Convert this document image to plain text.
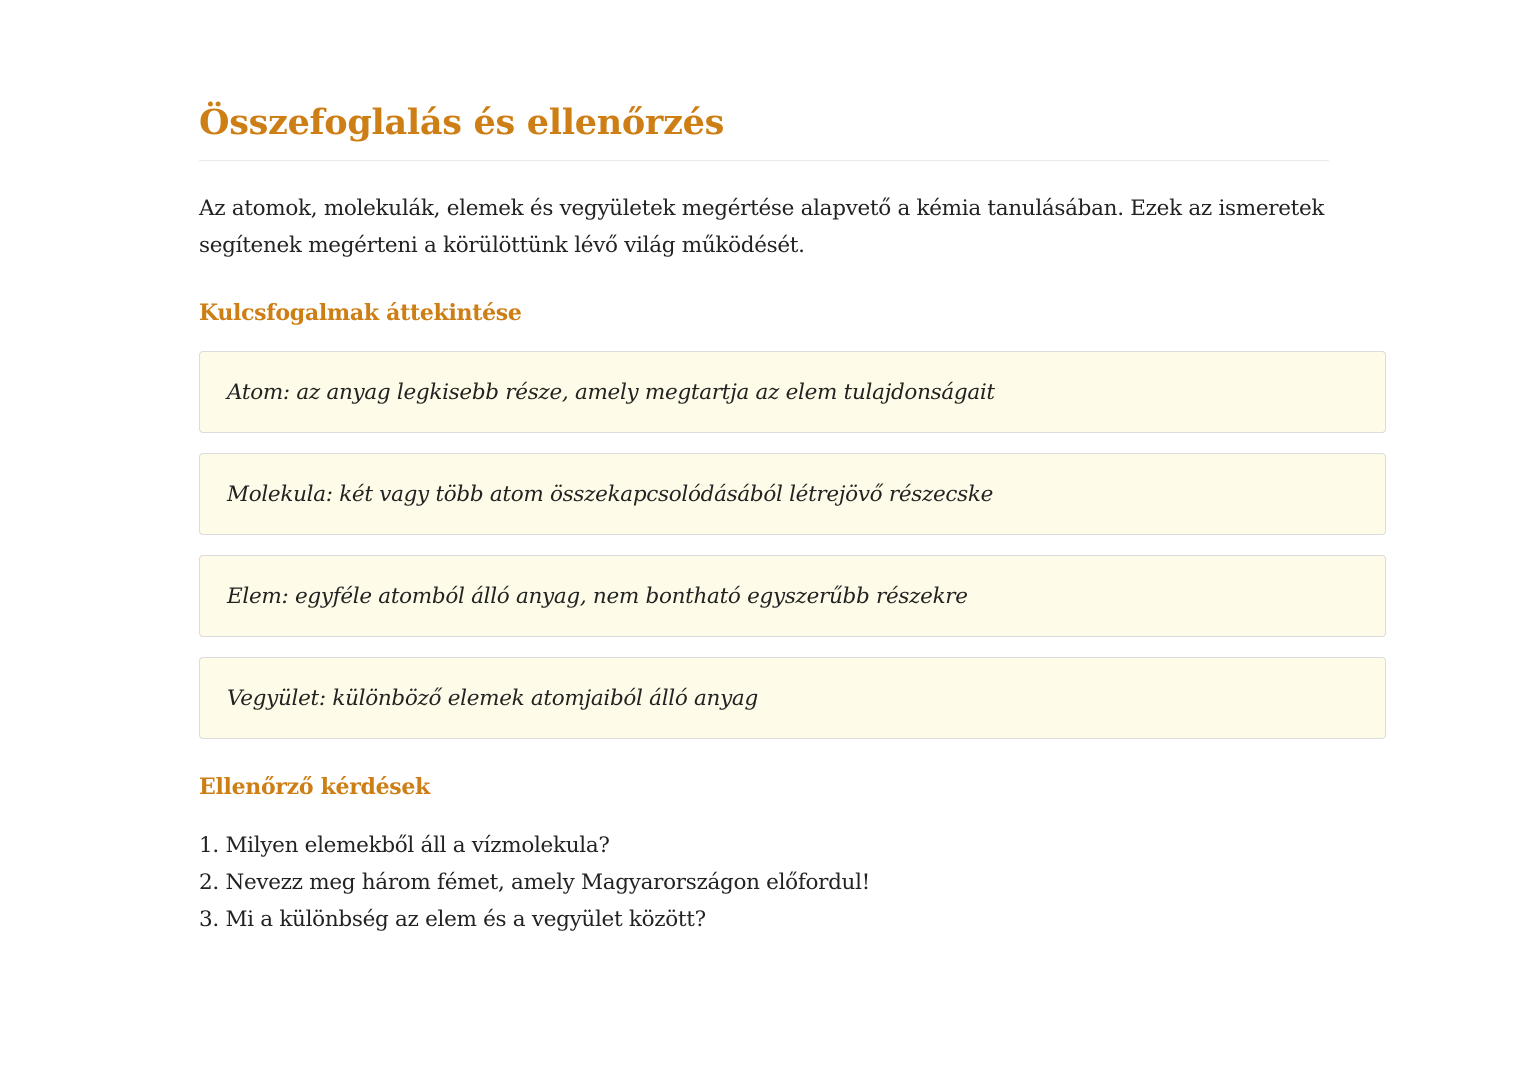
Összefoglalás és ellenőrzés

Az atomok, molekulák, elemek és vegyületek megértése alapvető a kémia tanulásában. Ezek az ismeretek segítenek megérteni a körülöttünk lévő világ működését.

Kulcsfogalmak áttekintése
Atom: az anyag legkisebb része, amely megtartja az elem tulajdonságait
Molekula: két vagy több atom összekapcsolódásából létrejövő részecske
Elem: egyféle atomból álló anyag, nem bontható egyszerűbb részekre
Vegyület: különböző elemek atomjaiból álló anyag
Ellenőrző kérdések
1. Milyen elemekből áll a vízmolekula?
2. Nevezz meg három fémet, amely Magyarországon előfordul!
3. Mi a különbség az elem és a vegyület között?
